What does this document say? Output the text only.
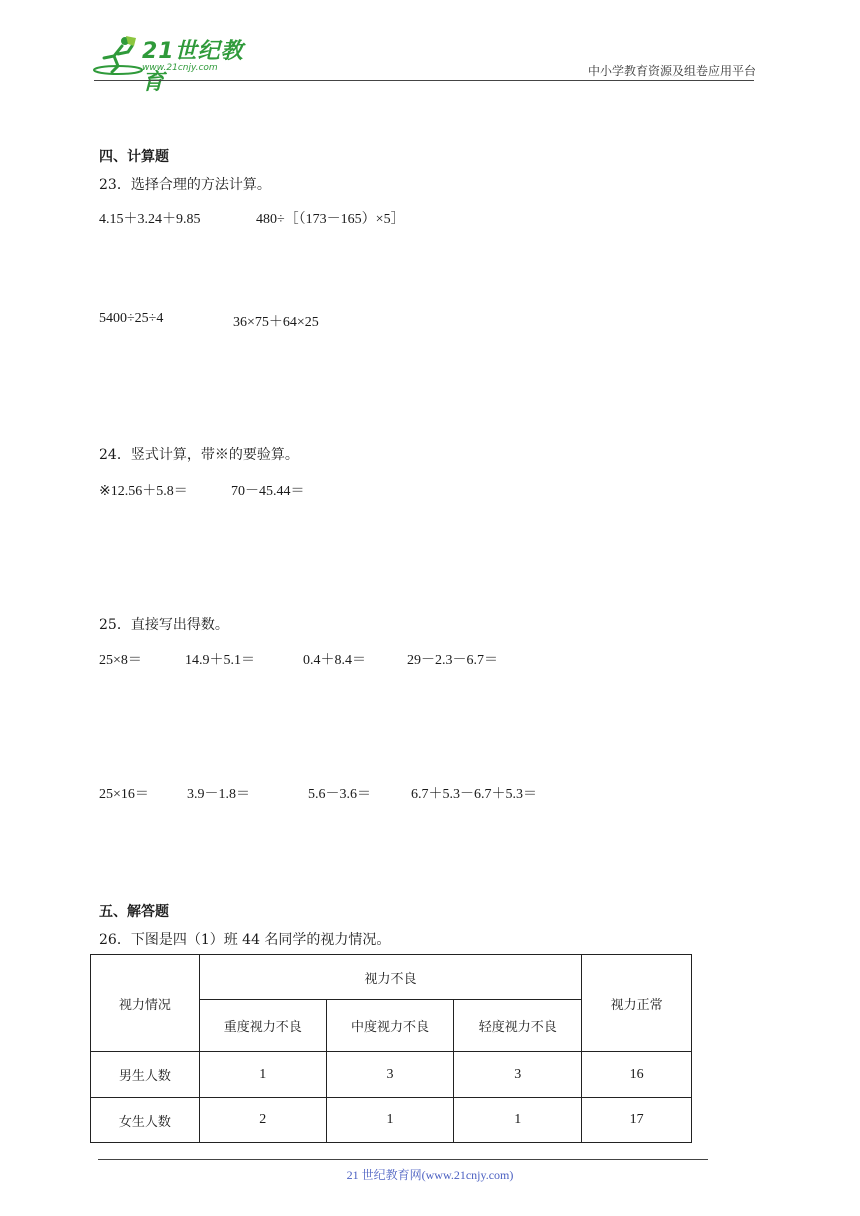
21世纪教育
www.21cnjy.com	中小学教育资源及组卷应用平台
四、计算题
23．选择合理的方法计算。
4.15＋3.24＋9.85	480÷［（173－165）×5］
5400÷25÷4	36×75＋64×25
24．竖式计算，带※的要验算。
※12.56＋5.8＝	70－45.44＝
25．直接写出得数。
25×8＝	14.9＋5.1＝	0.4＋8.4＝	29－2.3－6.7＝
25×16＝	3.9－1.8＝	5.6－3.6＝	6.7＋5.3－6.7＋5.3＝
五、解答题
26．下图是四（1）班 44 名同学的视力情况。
视力情况	视力不良			视力正常
	重度视力不良	中度视力不良	轻度视力不良	
男生人数	1	3	3	16
女生人数	2	1	1	17
21 世纪教育网(www.21cnjy.com)
